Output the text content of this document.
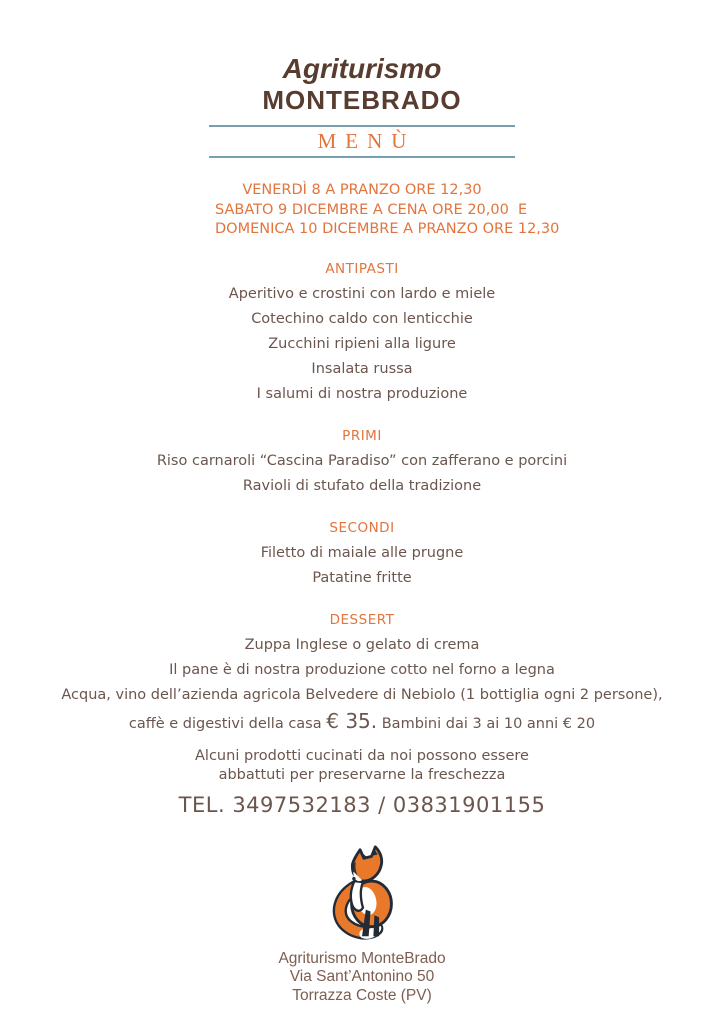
Agriturismo
MONTEBRADO
MENÙ
VENERDÌ 8 A PRANZO ORE 12,30
SABATO 9 DICEMBRE A CENA ORE 20,00  E
DOMENICA 10 DICEMBRE A PRANZO ORE 12,30
ANTIPASTI
Aperitivo e crostini con lardo e miele
Cotechino caldo con lenticchie
Zucchini ripieni alla ligure
Insalata russa
I salumi di nostra produzione
PRIMI
Riso carnaroli “Cascina Paradiso” con zafferano e porcini
Ravioli di stufato della tradizione
SECONDI
Filetto di maiale alle prugne
Patatine fritte
DESSERT
Zuppa Inglese o gelato di crema
Il pane è di nostra produzione cotto nel forno a legna
Acqua, vino dell’azienda agricola Belvedere di Nebiolo (1 bottiglia ogni 2 persone),
caffè e digestivi della casa € 35. Bambini dai 3 ai 10 anni € 20
Alcuni prodotti cucinati da noi possono essere
abbattuti per preservarne la freschezza
TEL. 3497532183 / 03831901155
Agriturismo MonteBrado
Via Sant’Antonino 50
Torrazza Coste (PV)
